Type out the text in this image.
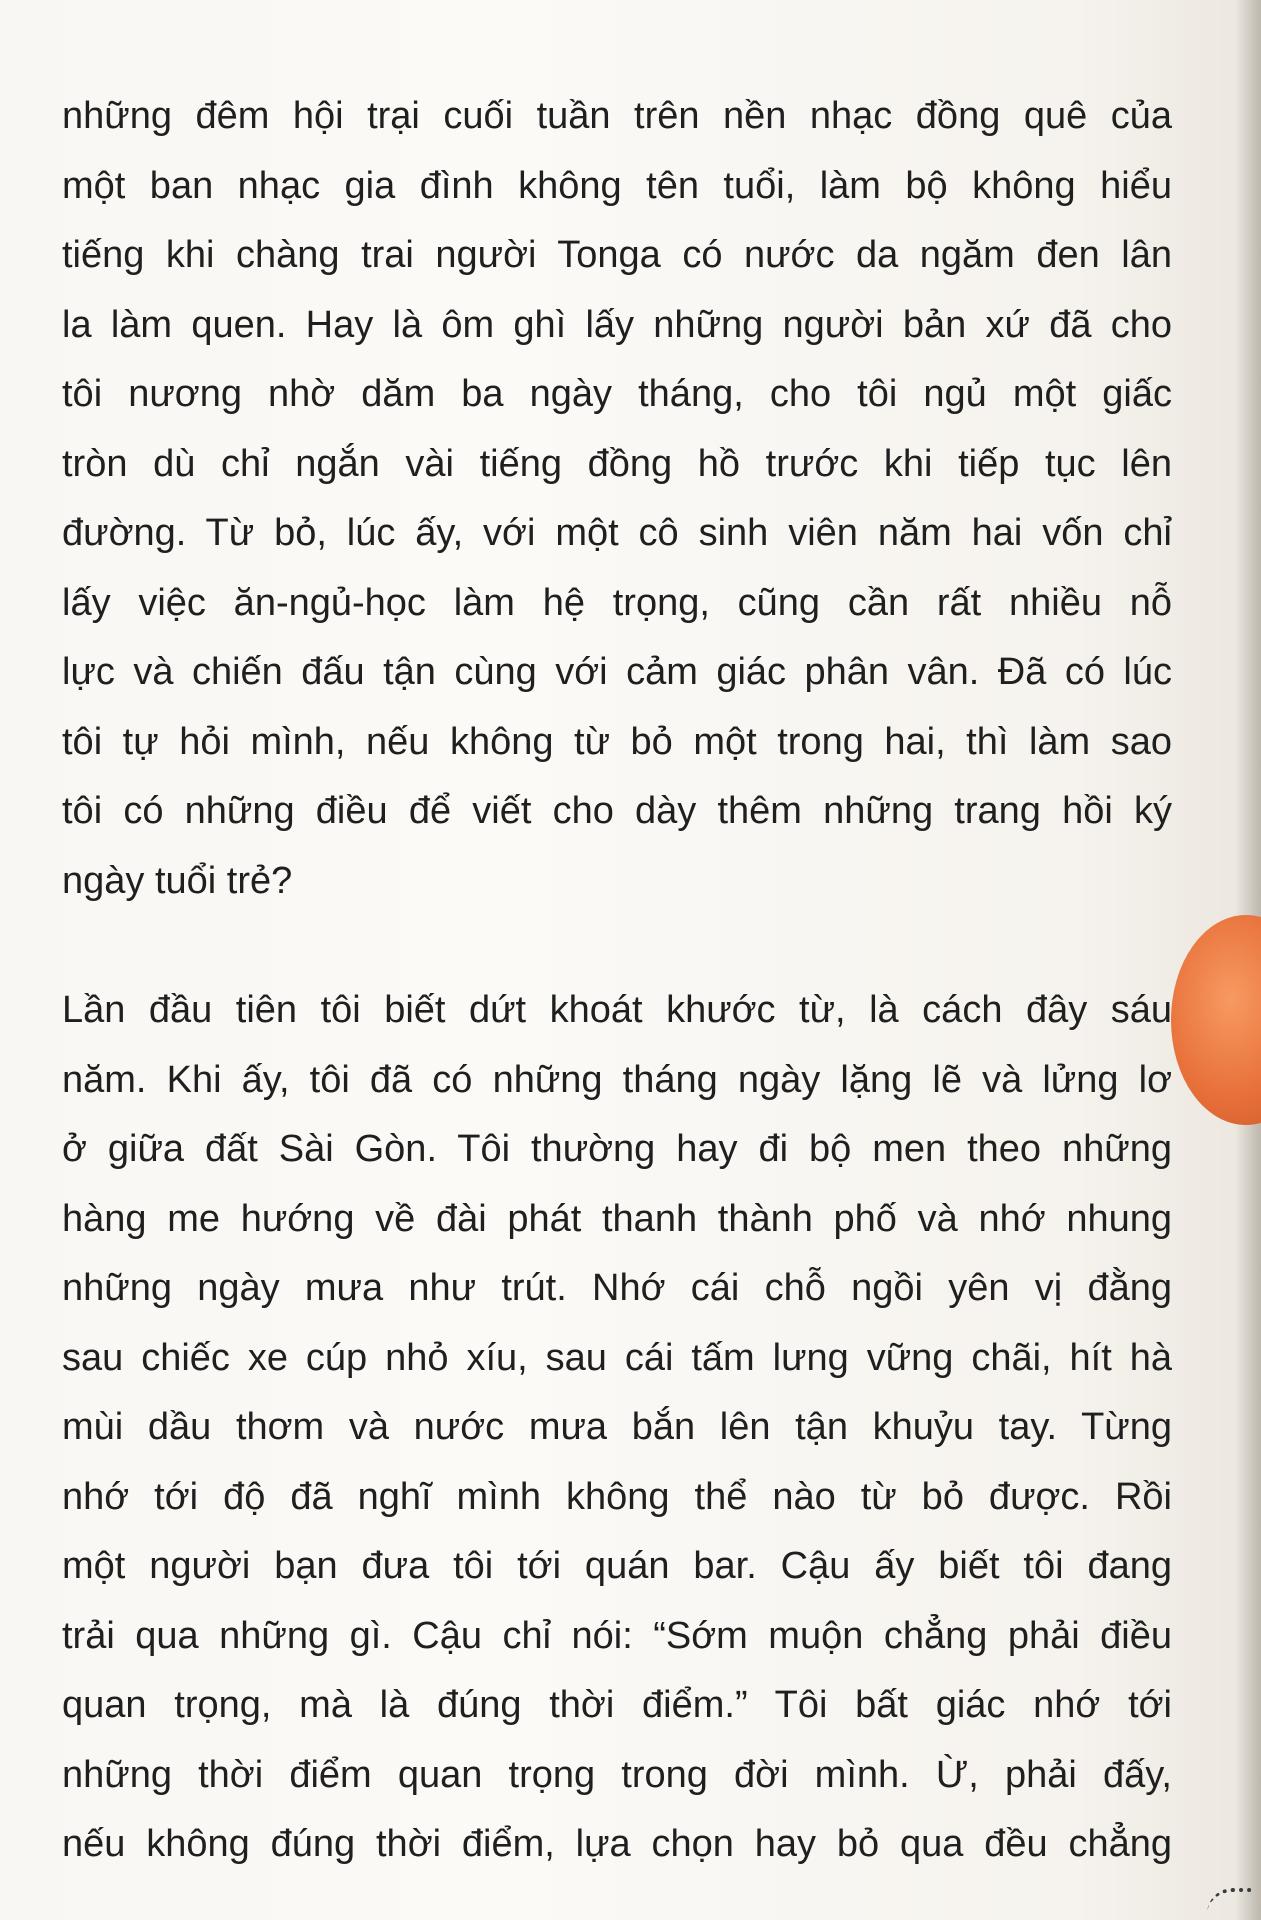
những đêm hội trại cuối tuần trên nền nhạc đồng quê của
một ban nhạc gia đình không tên tuổi, làm bộ không hiểu
tiếng khi chàng trai người Tonga có nước da ngăm đen lân
la làm quen. Hay là ôm ghì lấy những người bản xứ đã cho
tôi nương nhờ dăm ba ngày tháng, cho tôi ngủ một giấc
tròn dù chỉ ngắn vài tiếng đồng hồ trước khi tiếp tục lên
đường. Từ bỏ, lúc ấy, với một cô sinh viên năm hai vốn chỉ
lấy việc ăn-ngủ-học làm hệ trọng, cũng cần rất nhiều nỗ
lực và chiến đấu tận cùng với cảm giác phân vân. Đã có lúc
tôi tự hỏi mình, nếu không từ bỏ một trong hai, thì làm sao
tôi có những điều để viết cho dày thêm những trang hồi ký
ngày tuổi trẻ?

Lần đầu tiên tôi biết dứt khoát khước từ, là cách đây sáu
năm. Khi ấy, tôi đã có những tháng ngày lặng lẽ và lửng lơ
ở giữa đất Sài Gòn. Tôi thường hay đi bộ men theo những
hàng me hướng về đài phát thanh thành phố và nhớ nhung
những ngày mưa như trút. Nhớ cái chỗ ngồi yên vị đằng
sau chiếc xe cúp nhỏ xíu, sau cái tấm lưng vững chãi, hít hà
mùi dầu thơm và nước mưa bắn lên tận khuỷu tay. Từng
nhớ tới độ đã nghĩ mình không thể nào từ bỏ được. Rồi
một người bạn đưa tôi tới quán bar. Cậu ấy biết tôi đang
trải qua những gì. Cậu chỉ nói: “Sớm muộn chẳng phải điều
quan trọng, mà là đúng thời điểm.” Tôi bất giác nhớ tới
những thời điểm quan trọng trong đời mình. Ừ, phải đấy,
nếu không đúng thời điểm, lựa chọn hay bỏ qua đều chẳng
